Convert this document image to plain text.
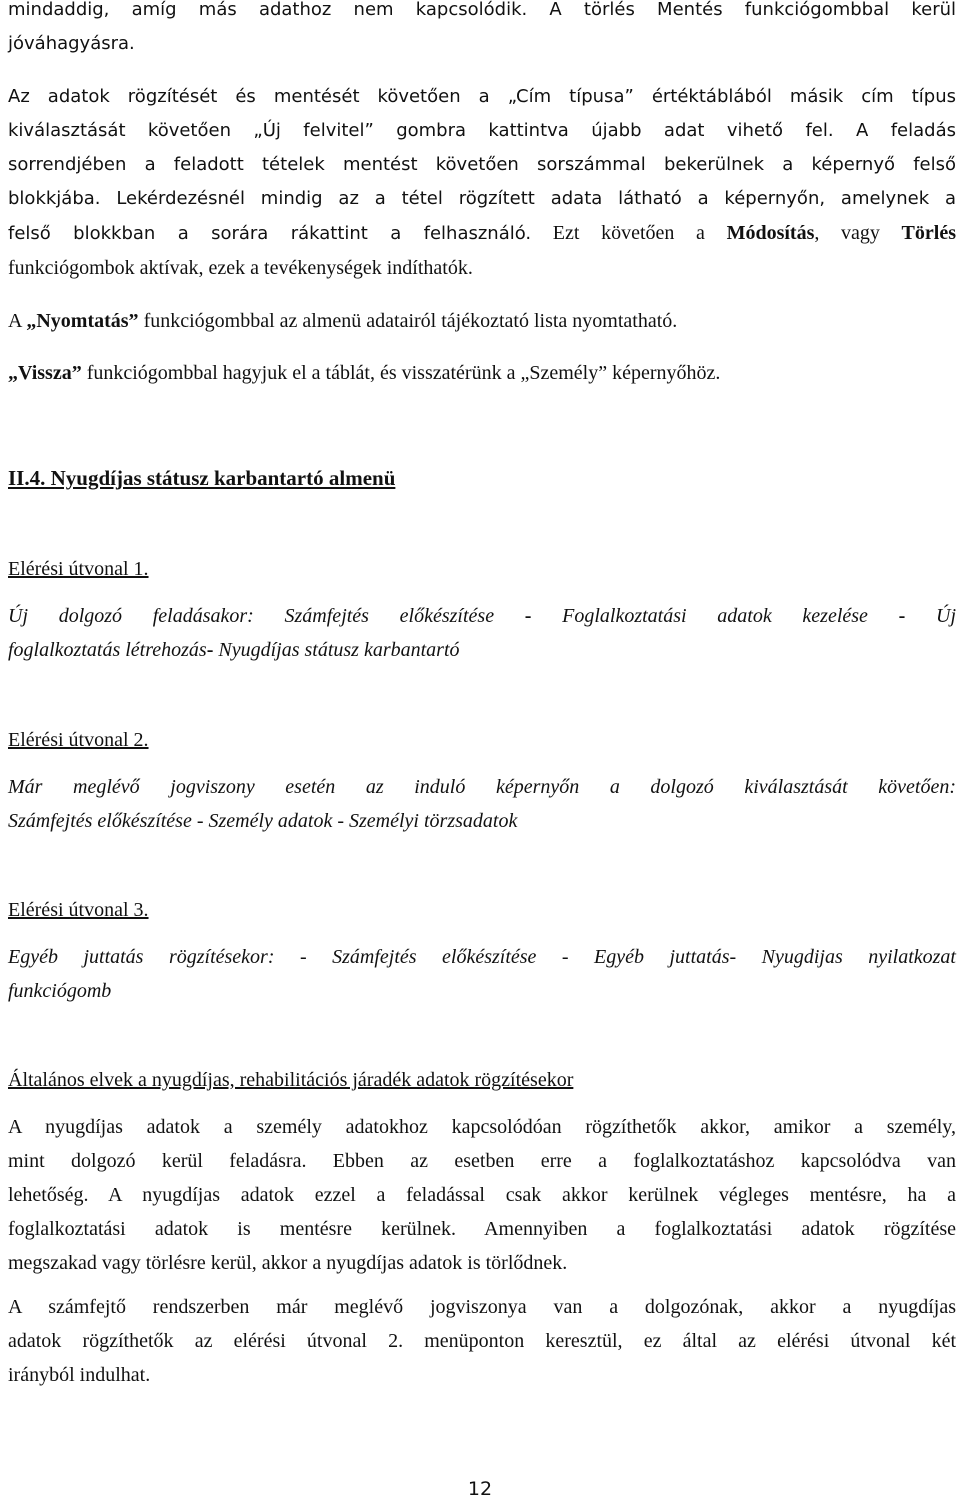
mindaddig, amíg más adathoz nem kapcsolódik. A törlés Mentés funkciógombbal kerül
jóváhagyásra.
Az adatok rögzítését és mentését követően a „Cím típusa” értéktáblából másik cím típus
kiválasztását követően „Új felvitel” gombra kattintva újabb adat vihető fel. A feladás
sorrendjében a feladott tételek mentést követően sorszámmal bekerülnek a képernyő felső
blokkjába. Lekérdezésnél mindig az a tétel rögzített adata látható a képernyőn, amelynek a
felső blokkban a sorára rákattint a felhasználó. Ezt követően a Módosítás, vagy Törlés
funkciógombok aktívak, ezek a tevékenységek indíthatók.
A „Nyomtatás” funkciógombbal az almenü adatairól tájékoztató lista nyomtatható.
„Vissza” funkciógombbal hagyjuk el a táblát, és visszatérünk a „Személy” képernyőhöz.
II.4. Nyugdíjas státusz karbantartó almenü
Elérési útvonal 1.
Új dolgozó feladásakor: Számfejtés előkészítése - Foglalkoztatási adatok kezelése - Új
foglalkoztatás létrehozás- Nyugdíjas státusz karbantartó
Elérési útvonal 2.
Már meglévő jogviszony esetén az induló képernyőn a dolgozó kiválasztását követően:
Számfejtés előkészítése - Személy adatok - Személyi törzsadatok
Elérési útvonal 3.
Egyéb juttatás rögzítésekor: - Számfejtés előkészítése - Egyéb juttatás- Nyugdijas nyilatkozat
funkciógomb
Általános elvek a nyugdíjas, rehabilitációs járadék adatok rögzítésekor
A nyugdíjas adatok a személy adatokhoz kapcsolódóan rögzíthetők akkor, amikor a személy,
mint dolgozó kerül feladásra. Ebben az esetben erre a foglalkoztatáshoz kapcsolódva van
lehetőség. A nyugdíjas adatok ezzel a feladással csak akkor kerülnek végleges mentésre, ha a
foglalkoztatási adatok is mentésre kerülnek. Amennyiben a foglalkoztatási adatok rögzítése
megszakad vagy törlésre kerül, akkor a nyugdíjas adatok is törlődnek.
A számfejtő rendszerben már meglévő jogviszonya van a dolgozónak, akkor a nyugdíjas
adatok rögzíthetők az elérési útvonal 2. menüponton keresztül, ez által az elérési útvonal két
irányból indulhat.
12
